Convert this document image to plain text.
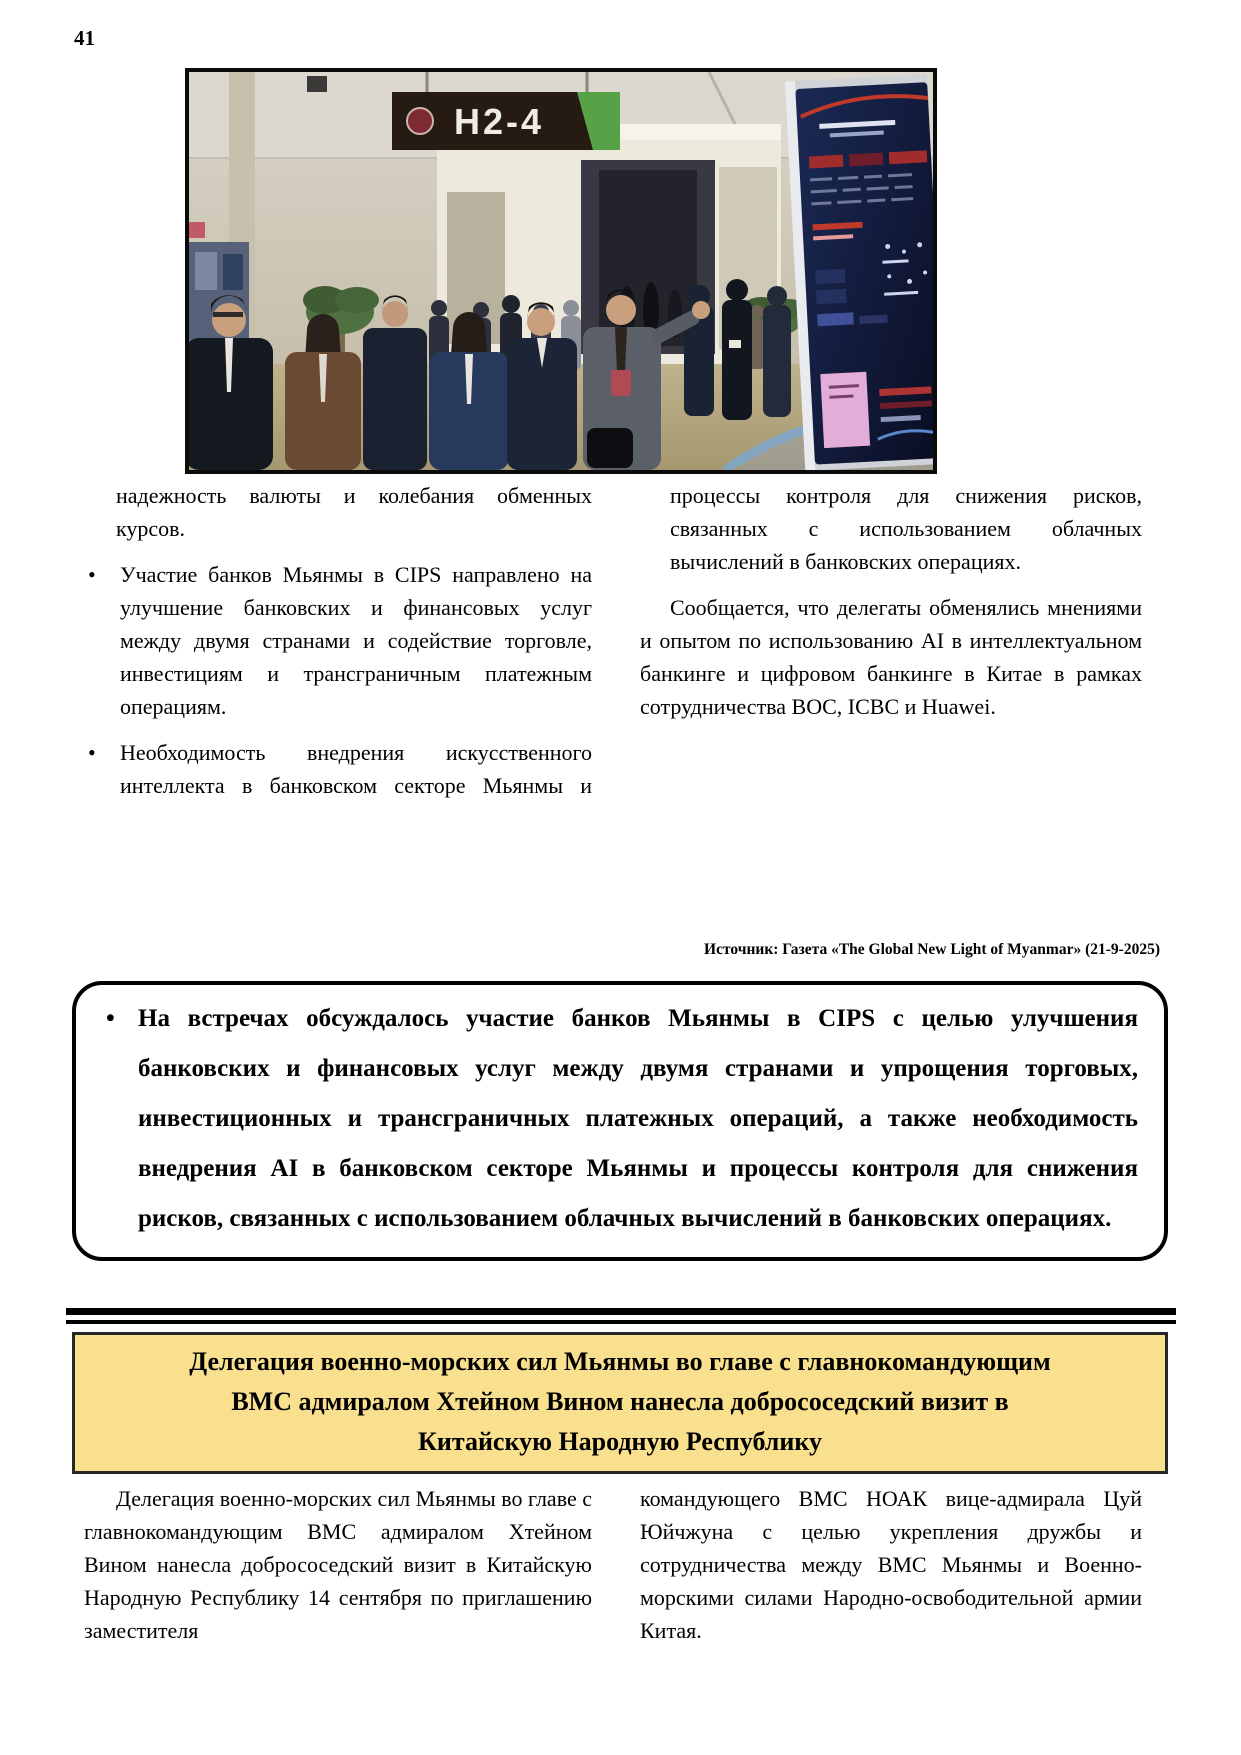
41
H2-4

надежность валюты и колебания обменных курсов.

•	Участие банков Мьянмы в CIPS направлено на улучшение банковских и финансовых услуг между двумя странами и содействие торговле, инвестициям и трансграничным платежным операциям.

•	Необходимость внедрения искусственного интеллекта в банковском секторе Мьянмы и

процессы контроля для снижения рисков, связанных с использованием облачных вычислений в банковских операциях.

Сообщается, что делегаты обменялись мнениями и опытом по использованию AI в интеллектуальном банкинге и цифровом банкинге в Китае в рамках сотрудничества BOC, ICBC и Huawei.

Источник: Газета «The Global New Light of Myanmar» (21-9-2025)
• На встречах обсуждалось участие банков Мьянмы в CIPS с целью улучшения банковских и финансовых услуг между двумя странами и упрощения торговых, инвестиционных и трансграничных платежных операций, а также необходимость внедрения AI в банковском секторе Мьянмы и процессы контроля для снижения рисков, связанных с использованием облачных вычислений в банковских операциях.

Делегация военно-морских сил Мьянмы во главе с главнокомандующим
ВМС адмиралом Хтейном Вином нанесла добрососедский визит в
Китайскую Народную Республику

Делегация военно-морских сил Мьянмы во главе с главнокомандующим ВМС адмиралом Хтейном Вином нанесла добрососедский визит в Китайскую Народную Республику 14 сентября по приглашению заместителя

командующего ВМС НОАК вице-адмирала Цуй Юйчжуна с целью укрепления дружбы и сотрудничества между ВМС Мьянмы и Военно-морскими силами Народно-освободительной армии Китая.
